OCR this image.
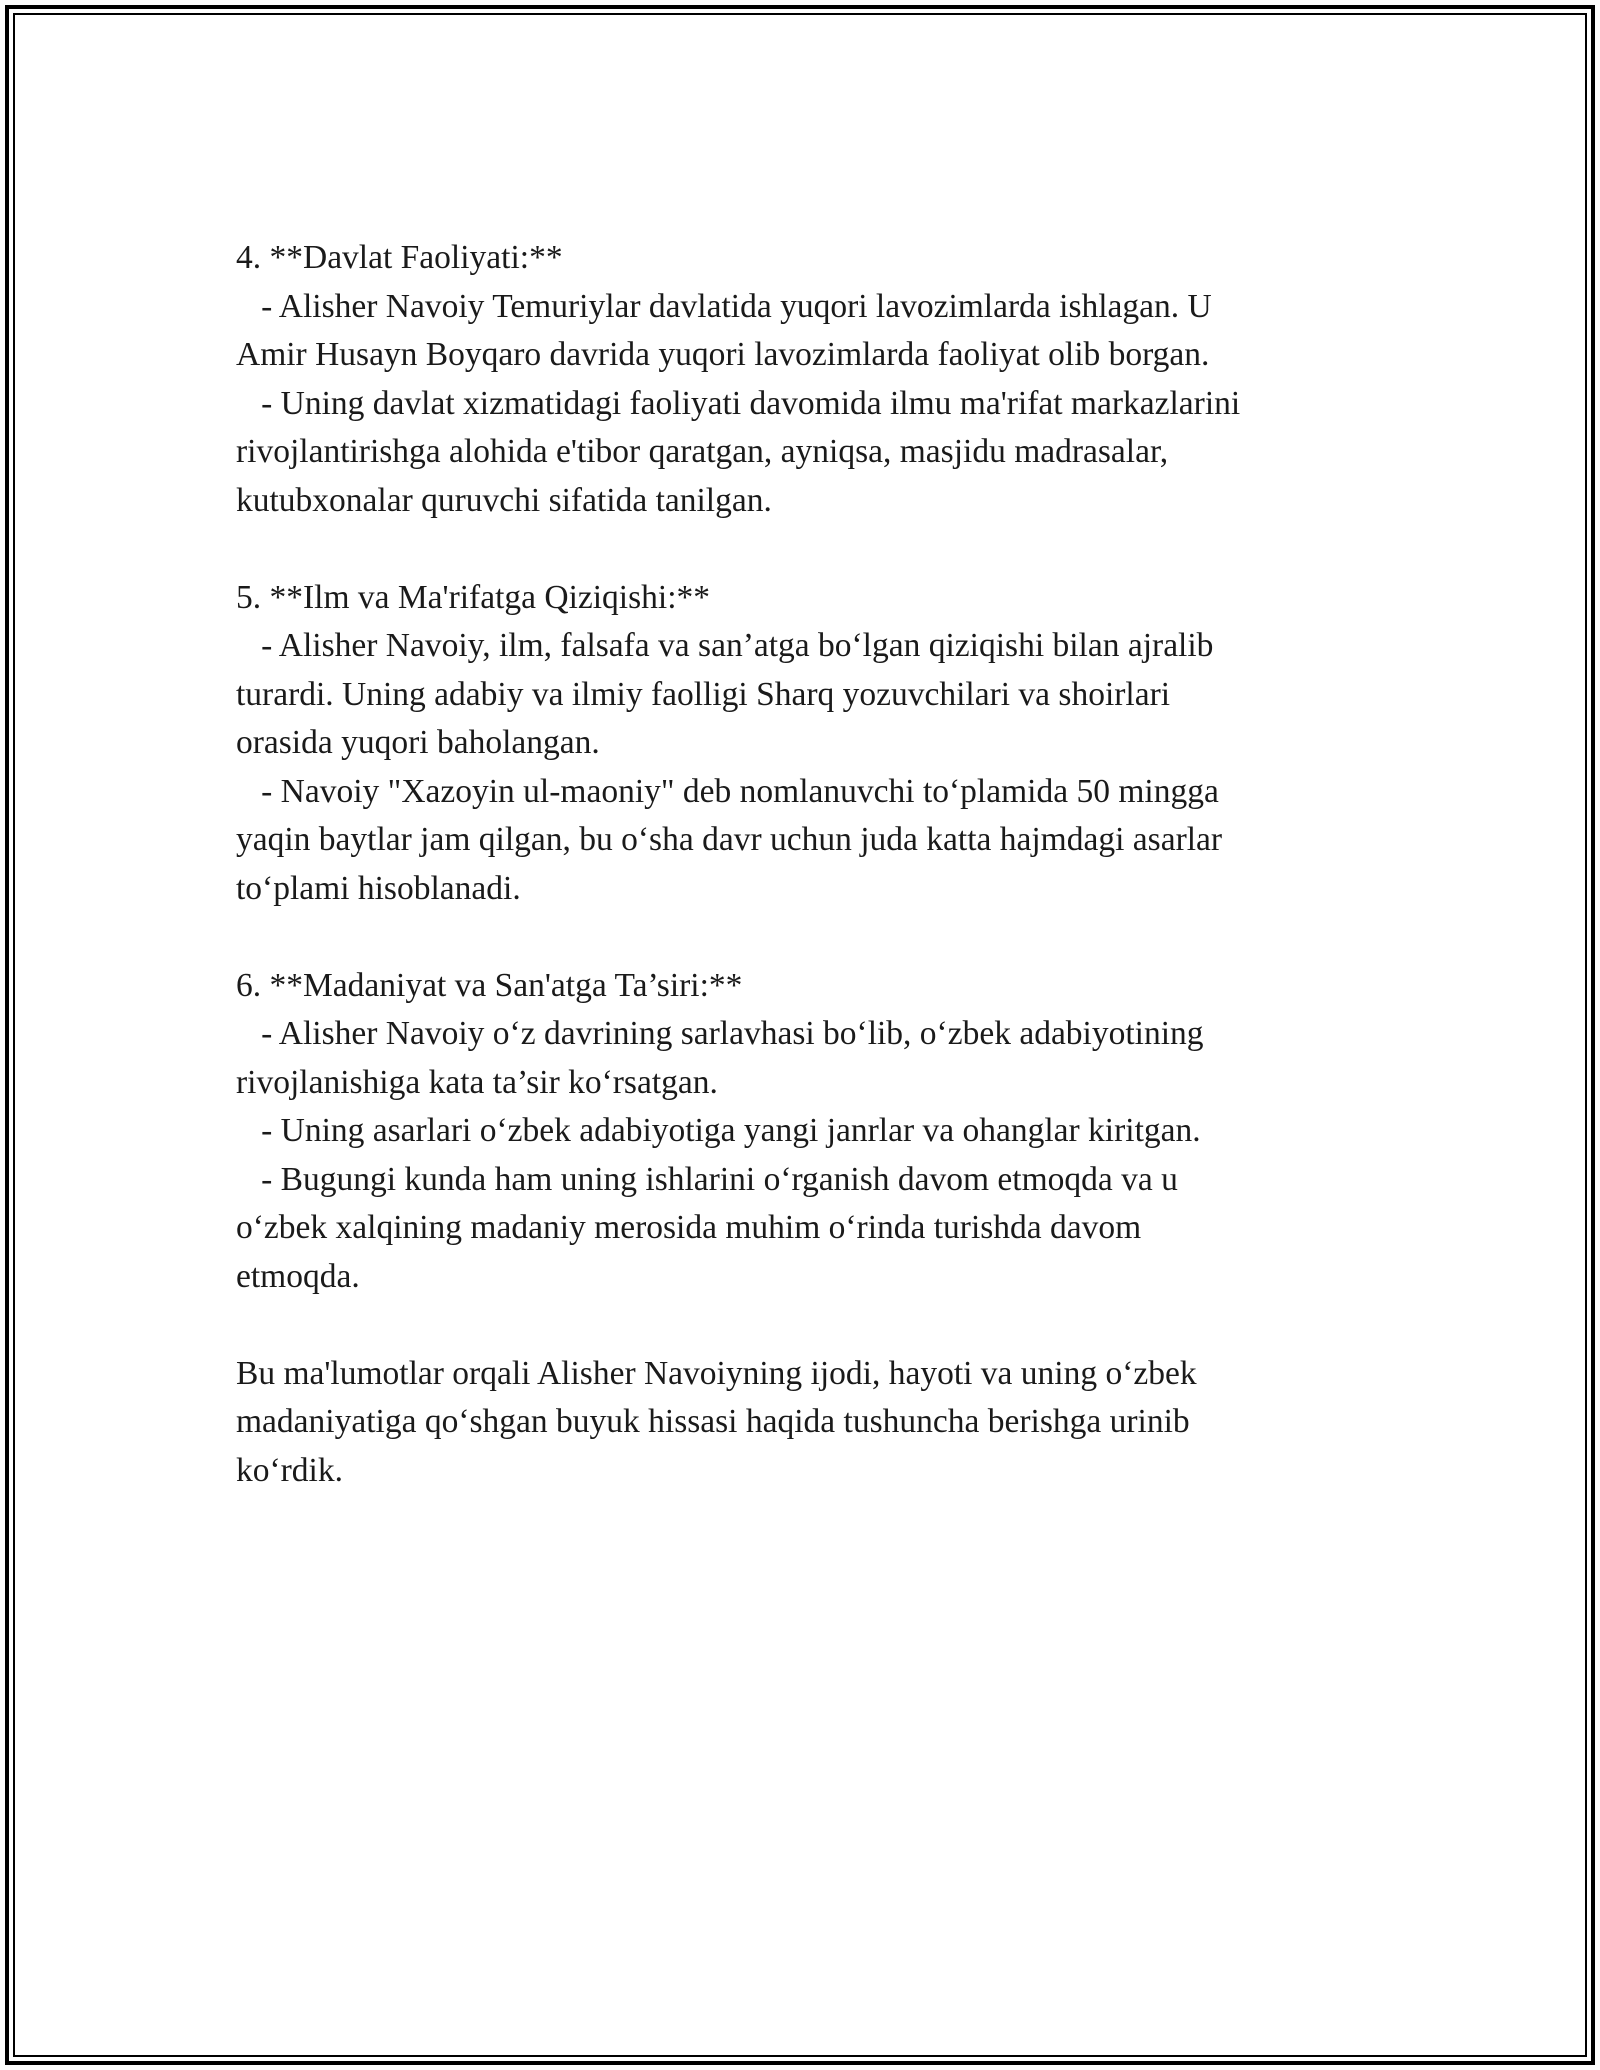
4. **Davlat Faoliyati:**
- Alisher Navoiy Temuriylar davlatida yuqori lavozimlarda ishlagan. U
Amir Husayn Boyqaro davrida yuqori lavozimlarda faoliyat olib borgan.
- Uning davlat xizmatidagi faoliyati davomida ilmu ma'rifat markazlarini
rivojlantirishga alohida e'tibor qaratgan, ayniqsa, masjidu madrasalar,
kutubxonalar quruvchi sifatida tanilgan.
5. **Ilm va Ma'rifatga Qiziqishi:**
- Alisher Navoiy, ilm, falsafa va san’atga bo‘lgan qiziqishi bilan ajralib
turardi. Uning adabiy va ilmiy faolligi Sharq yozuvchilari va shoirlari
orasida yuqori baholangan.
- Navoiy "Xazoyin ul-maoniy" deb nomlanuvchi to‘plamida 50 mingga
yaqin baytlar jam qilgan, bu o‘sha davr uchun juda katta hajmdagi asarlar
to‘plami hisoblanadi.
6. **Madaniyat va San'atga Ta’siri:**
- Alisher Navoiy o‘z davrining sarlavhasi bo‘lib, o‘zbek adabiyotining
rivojlanishiga kata ta’sir ko‘rsatgan.
- Uning asarlari o‘zbek adabiyotiga yangi janrlar va ohanglar kiritgan.
- Bugungi kunda ham uning ishlarini o‘rganish davom etmoqda va u
o‘zbek xalqining madaniy merosida muhim o‘rinda turishda davom
etmoqda.
Bu ma'lumotlar orqali Alisher Navoiyning ijodi, hayoti va uning o‘zbek
madaniyatiga qo‘shgan buyuk hissasi haqida tushuncha berishga urinib
ko‘rdik.
